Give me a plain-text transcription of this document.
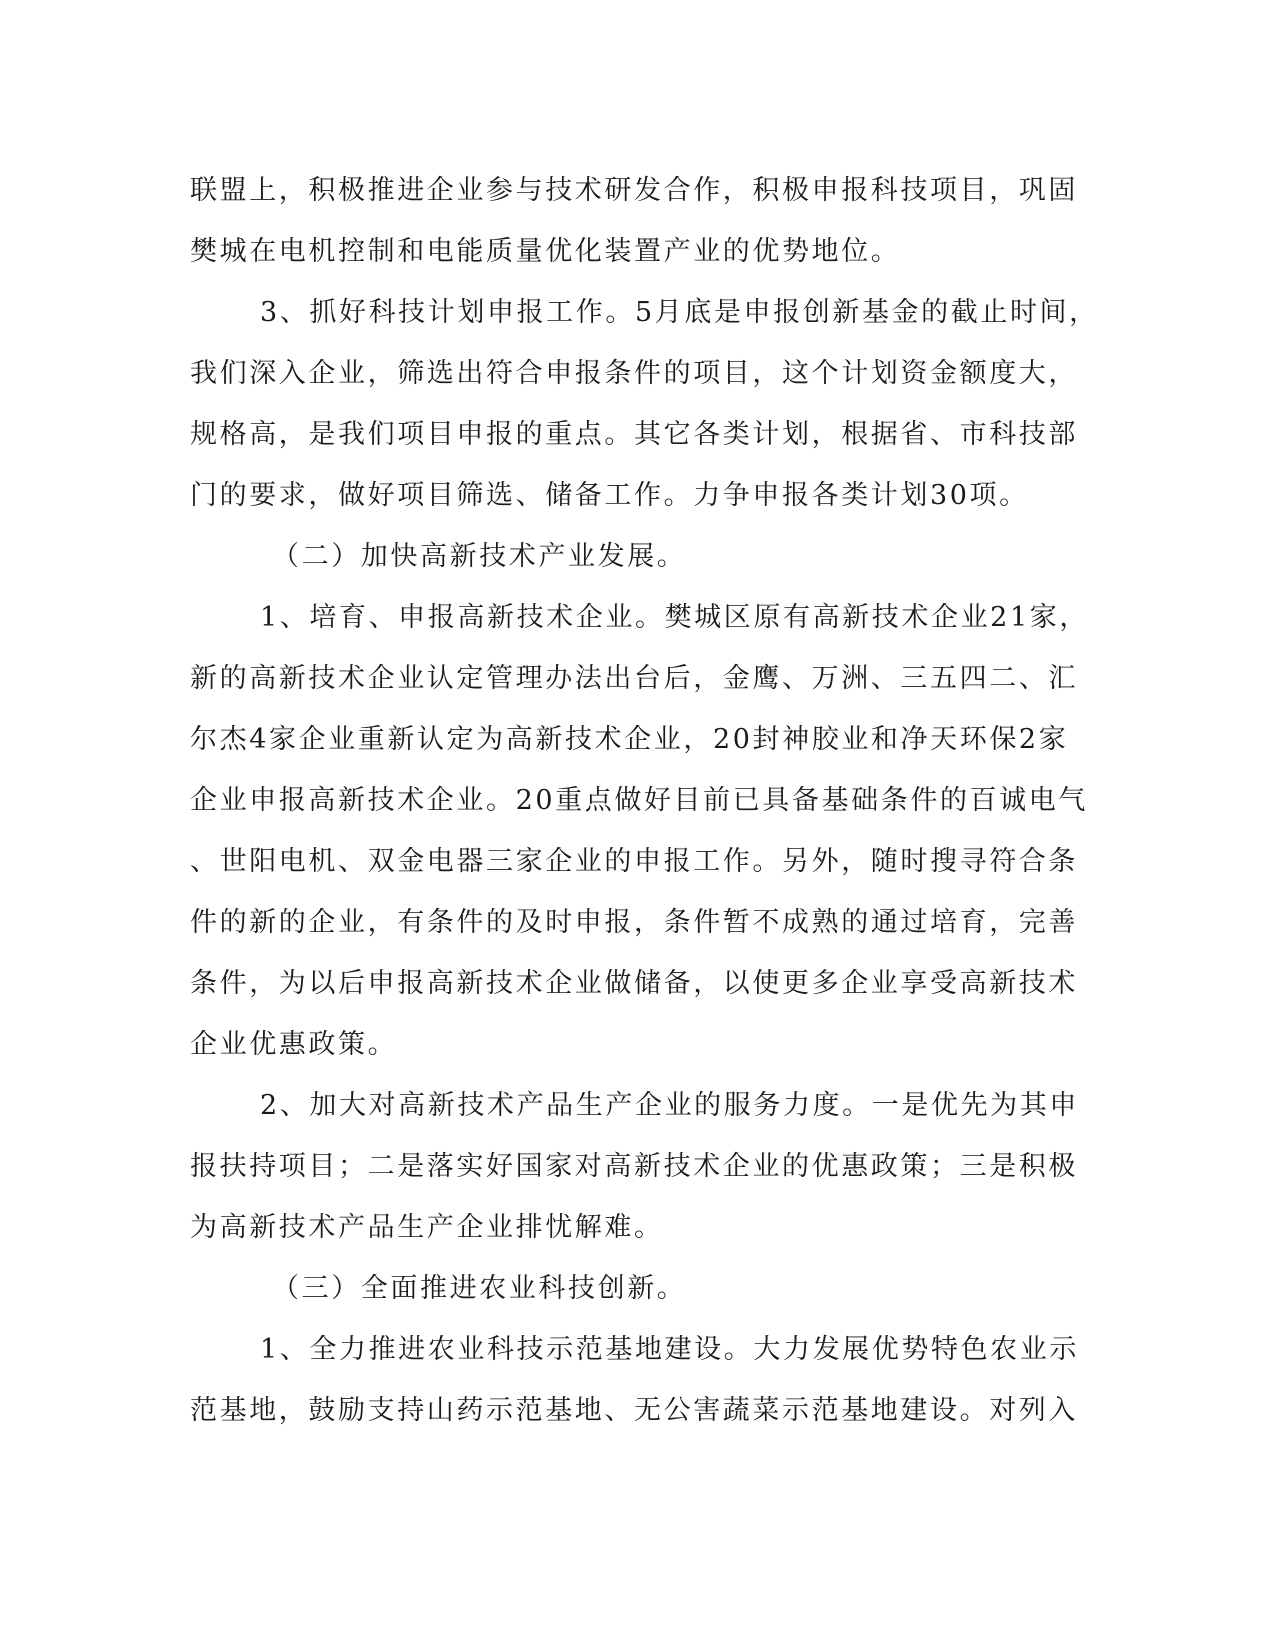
联盟上，积极推进企业参与技术研发合作，积极申报科技项目，巩固
樊城在电机控制和电能质量优化装置产业的优势地位。
3、抓好科技计划申报工作。5月底是申报创新基金的截止时间，
我们深入企业，筛选出符合申报条件的项目，这个计划资金额度大，
规格高，是我们项目申报的重点。其它各类计划，根据省、市科技部
门的要求，做好项目筛选、储备工作。力争申报各类计划30项。
（二）加快高新技术产业发展。
1、培育、申报高新技术企业。樊城区原有高新技术企业21家，
新的高新技术企业认定管理办法出台后，金鹰、万洲、三五四二、汇
尔杰4家企业重新认定为高新技术企业，20封神胶业和净天环保2家
企业申报高新技术企业。20重点做好目前已具备基础条件的百诚电气
、世阳电机、双金电器三家企业的申报工作。另外，随时搜寻符合条
件的新的企业，有条件的及时申报，条件暂不成熟的通过培育，完善
条件，为以后申报高新技术企业做储备，以使更多企业享受高新技术
企业优惠政策。
2、加大对高新技术产品生产企业的服务力度。一是优先为其申
报扶持项目；二是落实好国家对高新技术企业的优惠政策；三是积极
为高新技术产品生产企业排忧解难。
（三）全面推进农业科技创新。
1、全力推进农业科技示范基地建设。大力发展优势特色农业示
范基地，鼓励支持山药示范基地、无公害蔬菜示范基地建设。对列入
